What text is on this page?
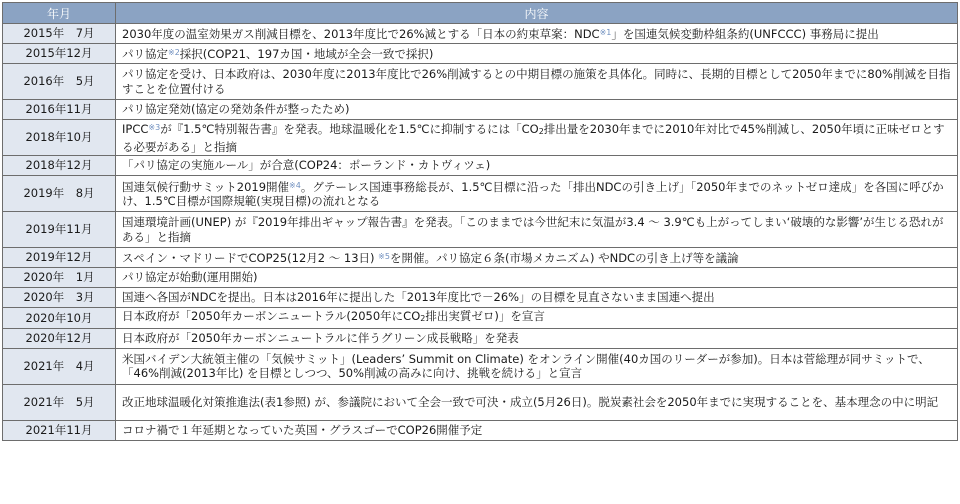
年月	内容
2015年　7月	2030年度の温室効果ガス削減目標を、2013年度比で26%減とする「日本の約束草案：NDC$^{※1}$」を国連気候変動枠組条約(UNFCCC) 事務局に提出
2015年12月	パリ協定$^{※2}$採択(COP21、197カ国・地域が全会一致で採択)
2016年　5月	パリ協定を受け、日本政府は、2030年度に2013年度比で26%削減するとの中期目標の施策を具体化。同時に、長期的目標として2050年までに80%削減を目指すことを位置付ける
2016年11月	パリ協定発効(協定の発効条件が整ったため)
2018年10月	IPCC$^{※3}$が『1.5℃特別報告書』を発表。地球温暖化を1.5℃に抑制するには「CO2排出量を2030年までに2010年対比で45%削減し、2050年頃に正味ゼロとする必要がある」と指摘
2018年12月	「パリ協定の実施ルール」が合意(COP24：ポーランド・カトヴィツェ)
2019年　8月	国連気候行動サミット2019開催$^{※4}$。グテーレス国連事務総長が、1.5℃目標に沿った「排出NDCの引き上げ」「2050年までのネットゼロ達成」を各国に呼びかけ、1.5℃目標が国際規範(実現目標)の流れとなる
2019年11月	国連環境計画(UNEP) が『2019年排出ギャップ報告書』を発表。「このままでは今世紀末に気温が3.4 ～ 3.9℃も上がってしまい‘破壊的な影響’が生じる恐れがある」と指摘
2019年12月	スペイン・マドリードでCOP25(12月2 ～ 13日) $^{※5}$を開催。パリ協定６条(市場メカニズム) やNDCの引き上げ等を議論
2020年　1月	パリ協定が始動(運用開始)
2020年　3月	国連へ各国がNDCを提出。日本は2016年に提出した「2013年度比で－26%」の目標を見直さないまま国連へ提出
2020年10月	日本政府が「2050年カーボンニュートラル(2050年にCO2排出実質ゼロ)」を宣言
2020年12月	日本政府が「2050年カーボンニュートラルに伴うグリーン成長戦略」を発表
2021年　4月	米国バイデン大統領主催の「気候サミット」(Leaders’ Summit on Climate) をオンライン開催(40カ国のリーダーが参加)。日本は菅総理が同サミットで、「46%削減(2013年比) を目標としつつ、50%削減の高みに向け、挑戦を続ける」と宣言
2021年　5月	改正地球温暖化対策推進法(表1参照) が、参議院において全会一致で可決・成立(5月26日)。脱炭素社会を2050年までに実現することを、基本理念の中に明記
2021年11月	コロナ禍で１年延期となっていた英国・グラスゴーでCOP26開催予定
